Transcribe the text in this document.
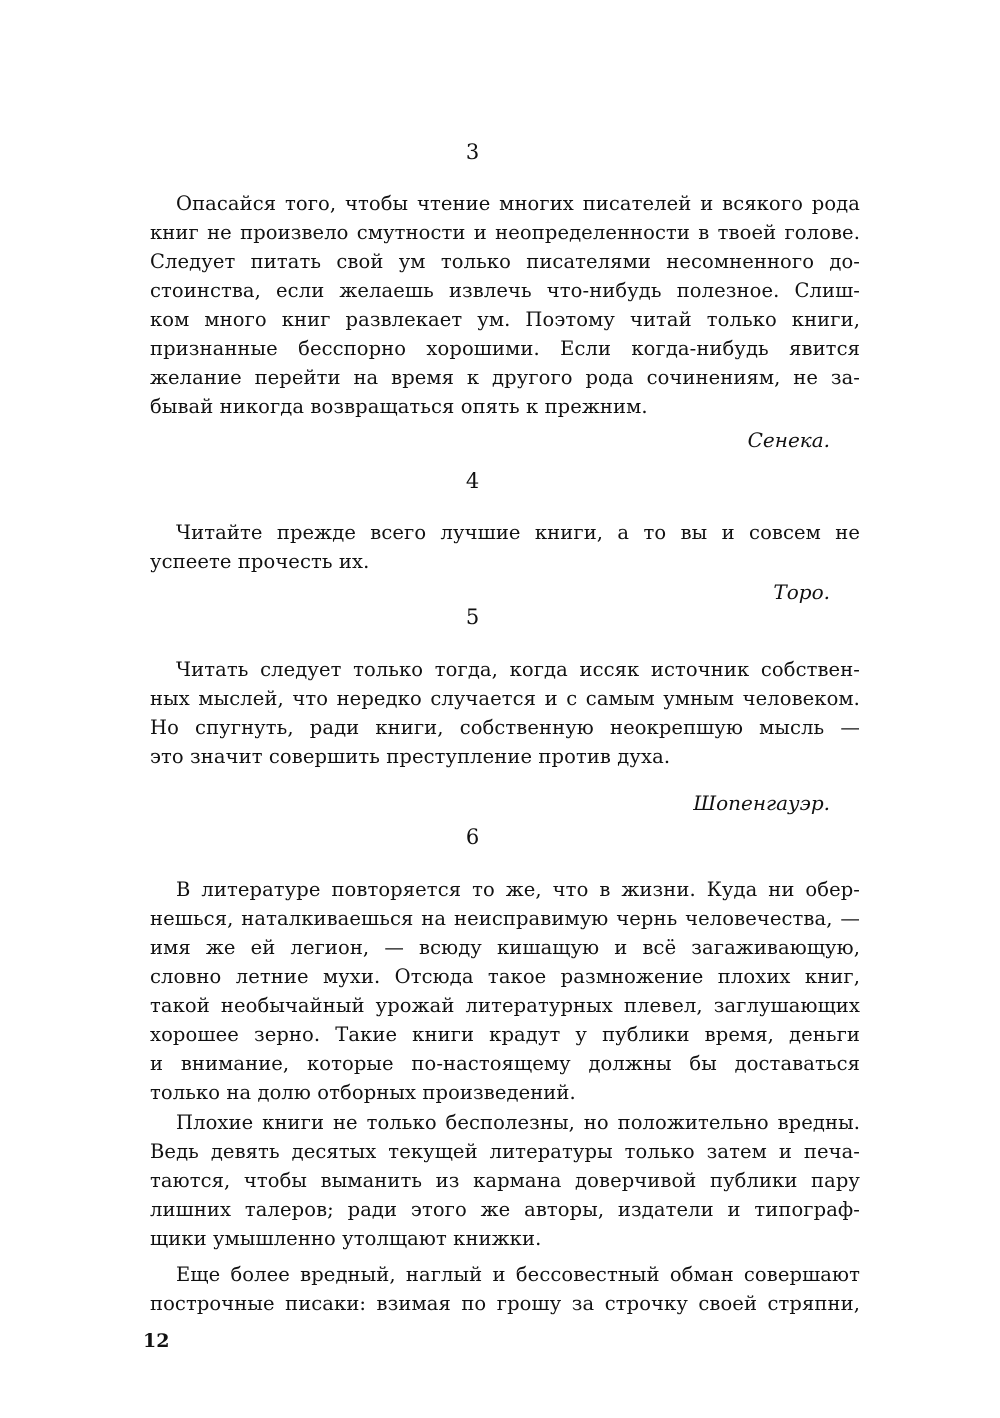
3
Опасайся того, чтобы чтение многих писателей и всякого рода
книг не произвело смутности и неопределенности в твоей голове.
Следует питать свой ум только писателями несомненного до-
стоинства, если желаешь извлечь что-нибудь полезное. Слиш-
ком много книг развлекает ум. Поэтому читай только книги,
признанные бесспорно хорошими. Если когда-нибудь явится
желание перейти на время к другого рода сочинениям, не за-
бывай никогда возвращаться опять к прежним.
Сенека.
4
Читайте прежде всего лучшие книги, а то вы и совсем не
успеете прочесть их.
Торо.
5
Читать следует только тогда, когда иссяк источник собствен-
ных мыслей, что нередко случается и с самым умным человеком.
Но спугнуть, ради книги, собственную неокрепшую мысль —
это значит совершить преступление против духа.
Шопенгауэр.
6
В литературе повторяется то же, что в жизни. Куда ни обер-
нешься, наталкиваешься на неисправимую чернь человечества, —
имя же ей легион, — всюду кишащую и всё загаживающую,
словно летние мухи. Отсюда такое размножение плохих книг,
такой необычайный урожай литературных плевел, заглушающих
хорошее зерно. Такие книги крадут у публики время, деньги
и внимание, которые по-настоящему должны бы доставаться
только на долю отборных произведений.
Плохие книги не только бесполезны, но положительно вредны.
Ведь девять десятых текущей литературы только затем и печа-
таются, чтобы выманить из кармана доверчивой публики пару
лишних талеров; ради этого же авторы, издатели и типограф-
щики умышленно утолщают книжки.
Еще более вредный, наглый и бессовестный обман совершают
построчные писаки: взимая по грошу за строчку своей стряпни,
12
